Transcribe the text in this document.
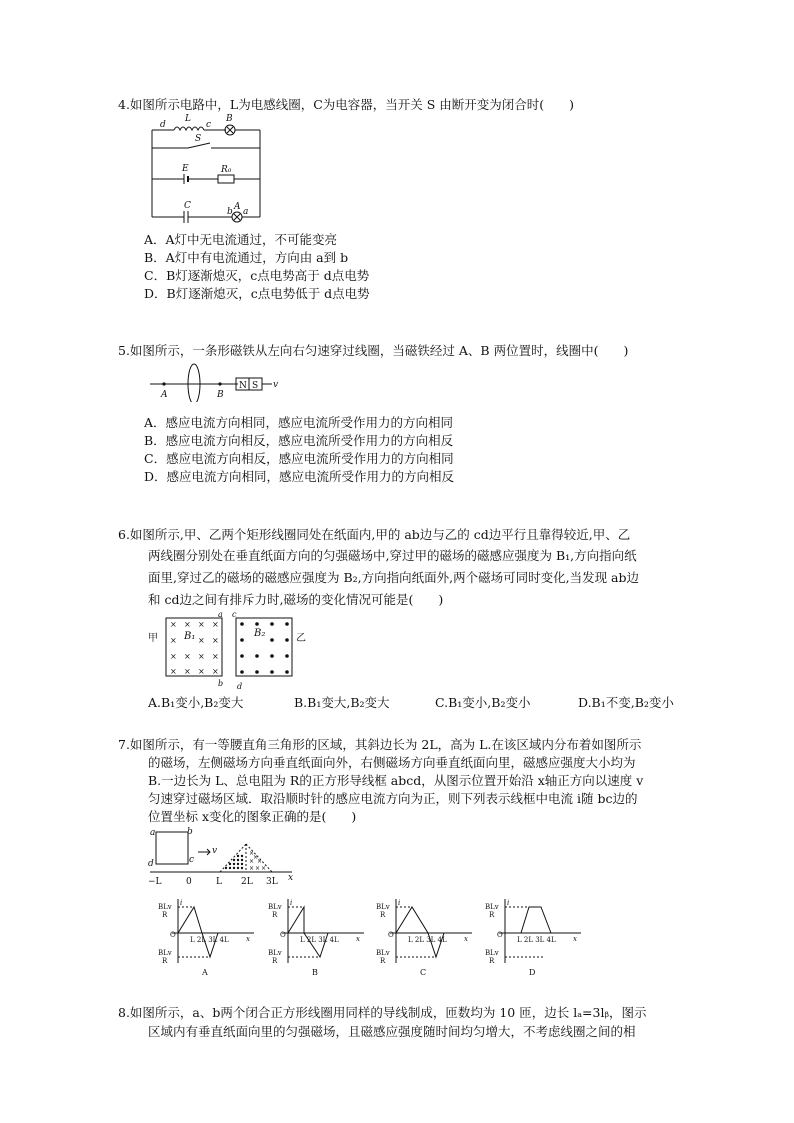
4.如图所示电路中，L为电感线圈，C为电容器，当开关 S 由断开变为闭合时(　　)
d
L
c
B
S
E	R₀
C	A
b a
A．A灯中无电流通过，不可能变亮
B．A灯中有电流通过，方向由 a到 b
C．B灯逐渐熄灭，c点电势高于 d点电势
D．B灯逐渐熄灭，c点电势低于 d点电势
5.如图所示，一条形磁铁从左向右匀速穿过线圈，当磁铁经过 A、B 两位置时，线圈中(　　)
A	B
N S v
A．感应电流方向相同，感应电流所受作用力的方向相同
B．感应电流方向相反，感应电流所受作用力的方向相反
C．感应电流方向相反，感应电流所受作用力的方向相同
D．感应电流方向相同，感应电流所受作用力的方向相反
6.如图所示,甲、乙两个矩形线圈同处在纸面内,甲的 ab边与乙的 cd边平行且靠得较近,甲、乙
两线圈分别处在垂直纸面方向的匀强磁场中,穿过甲的磁场的磁感应强度为 B₁,方向指向纸
面里,穿过乙的磁场的磁感应强度为 B₂,方向指向纸面外,两个磁场可同时变化,当发现 ab边
和 cd边之间有排斥力时,磁场的变化情况可能是(　　)
× × × ×
×	× ×
× × × ×
× × × ×
甲	乙
B₁	B₂
a
b
c
d
A.B₁变小,B₂变大	B.B₁变大,B₂变大	C.B₁变小,B₂变小	D.B₁不变,B₂变小
7.如图所示，有一等腰直角三角形的区域，其斜边长为 2L，高为 L.在该区域内分布着如图所示
的磁场，左侧磁场方向垂直纸面向外，右侧磁场方向垂直纸面向里，磁感应强度大小均为
B.一边长为 L、总电阻为 R的正方形导线框 abcd，从图示位置开始沿 x轴正方向以速度 v
匀速穿过磁场区域．取沿顺时针的感应电流方向为正，则下列表示线框中电流 i随 bc边的
位置坐标 x变化的图象正确的是(　　)
×
×
× ×
× × ×
a	b
c
d
v
x
−L	0	L 2L 3L
BLv
R
BLv
R
i
O
L 2L 3L 4L x
A
BLv
R
BLv
R
i
O
L 2L 3L 4L x
B
BLv
R
BLv
R
i
O
L 2L 3L 4L x
C
BLv
R
BLv
R
i
O
L 2L 3L 4L x
D
8.如图所示，a、b两个闭合正方形线圈用同样的导线制成，匝数均为 10 匝，边长 lₐ=3lᵦ，图示
区域内有垂直纸面向里的匀强磁场，且磁感应强度随时间均匀增大，不考虑线圈之间的相
